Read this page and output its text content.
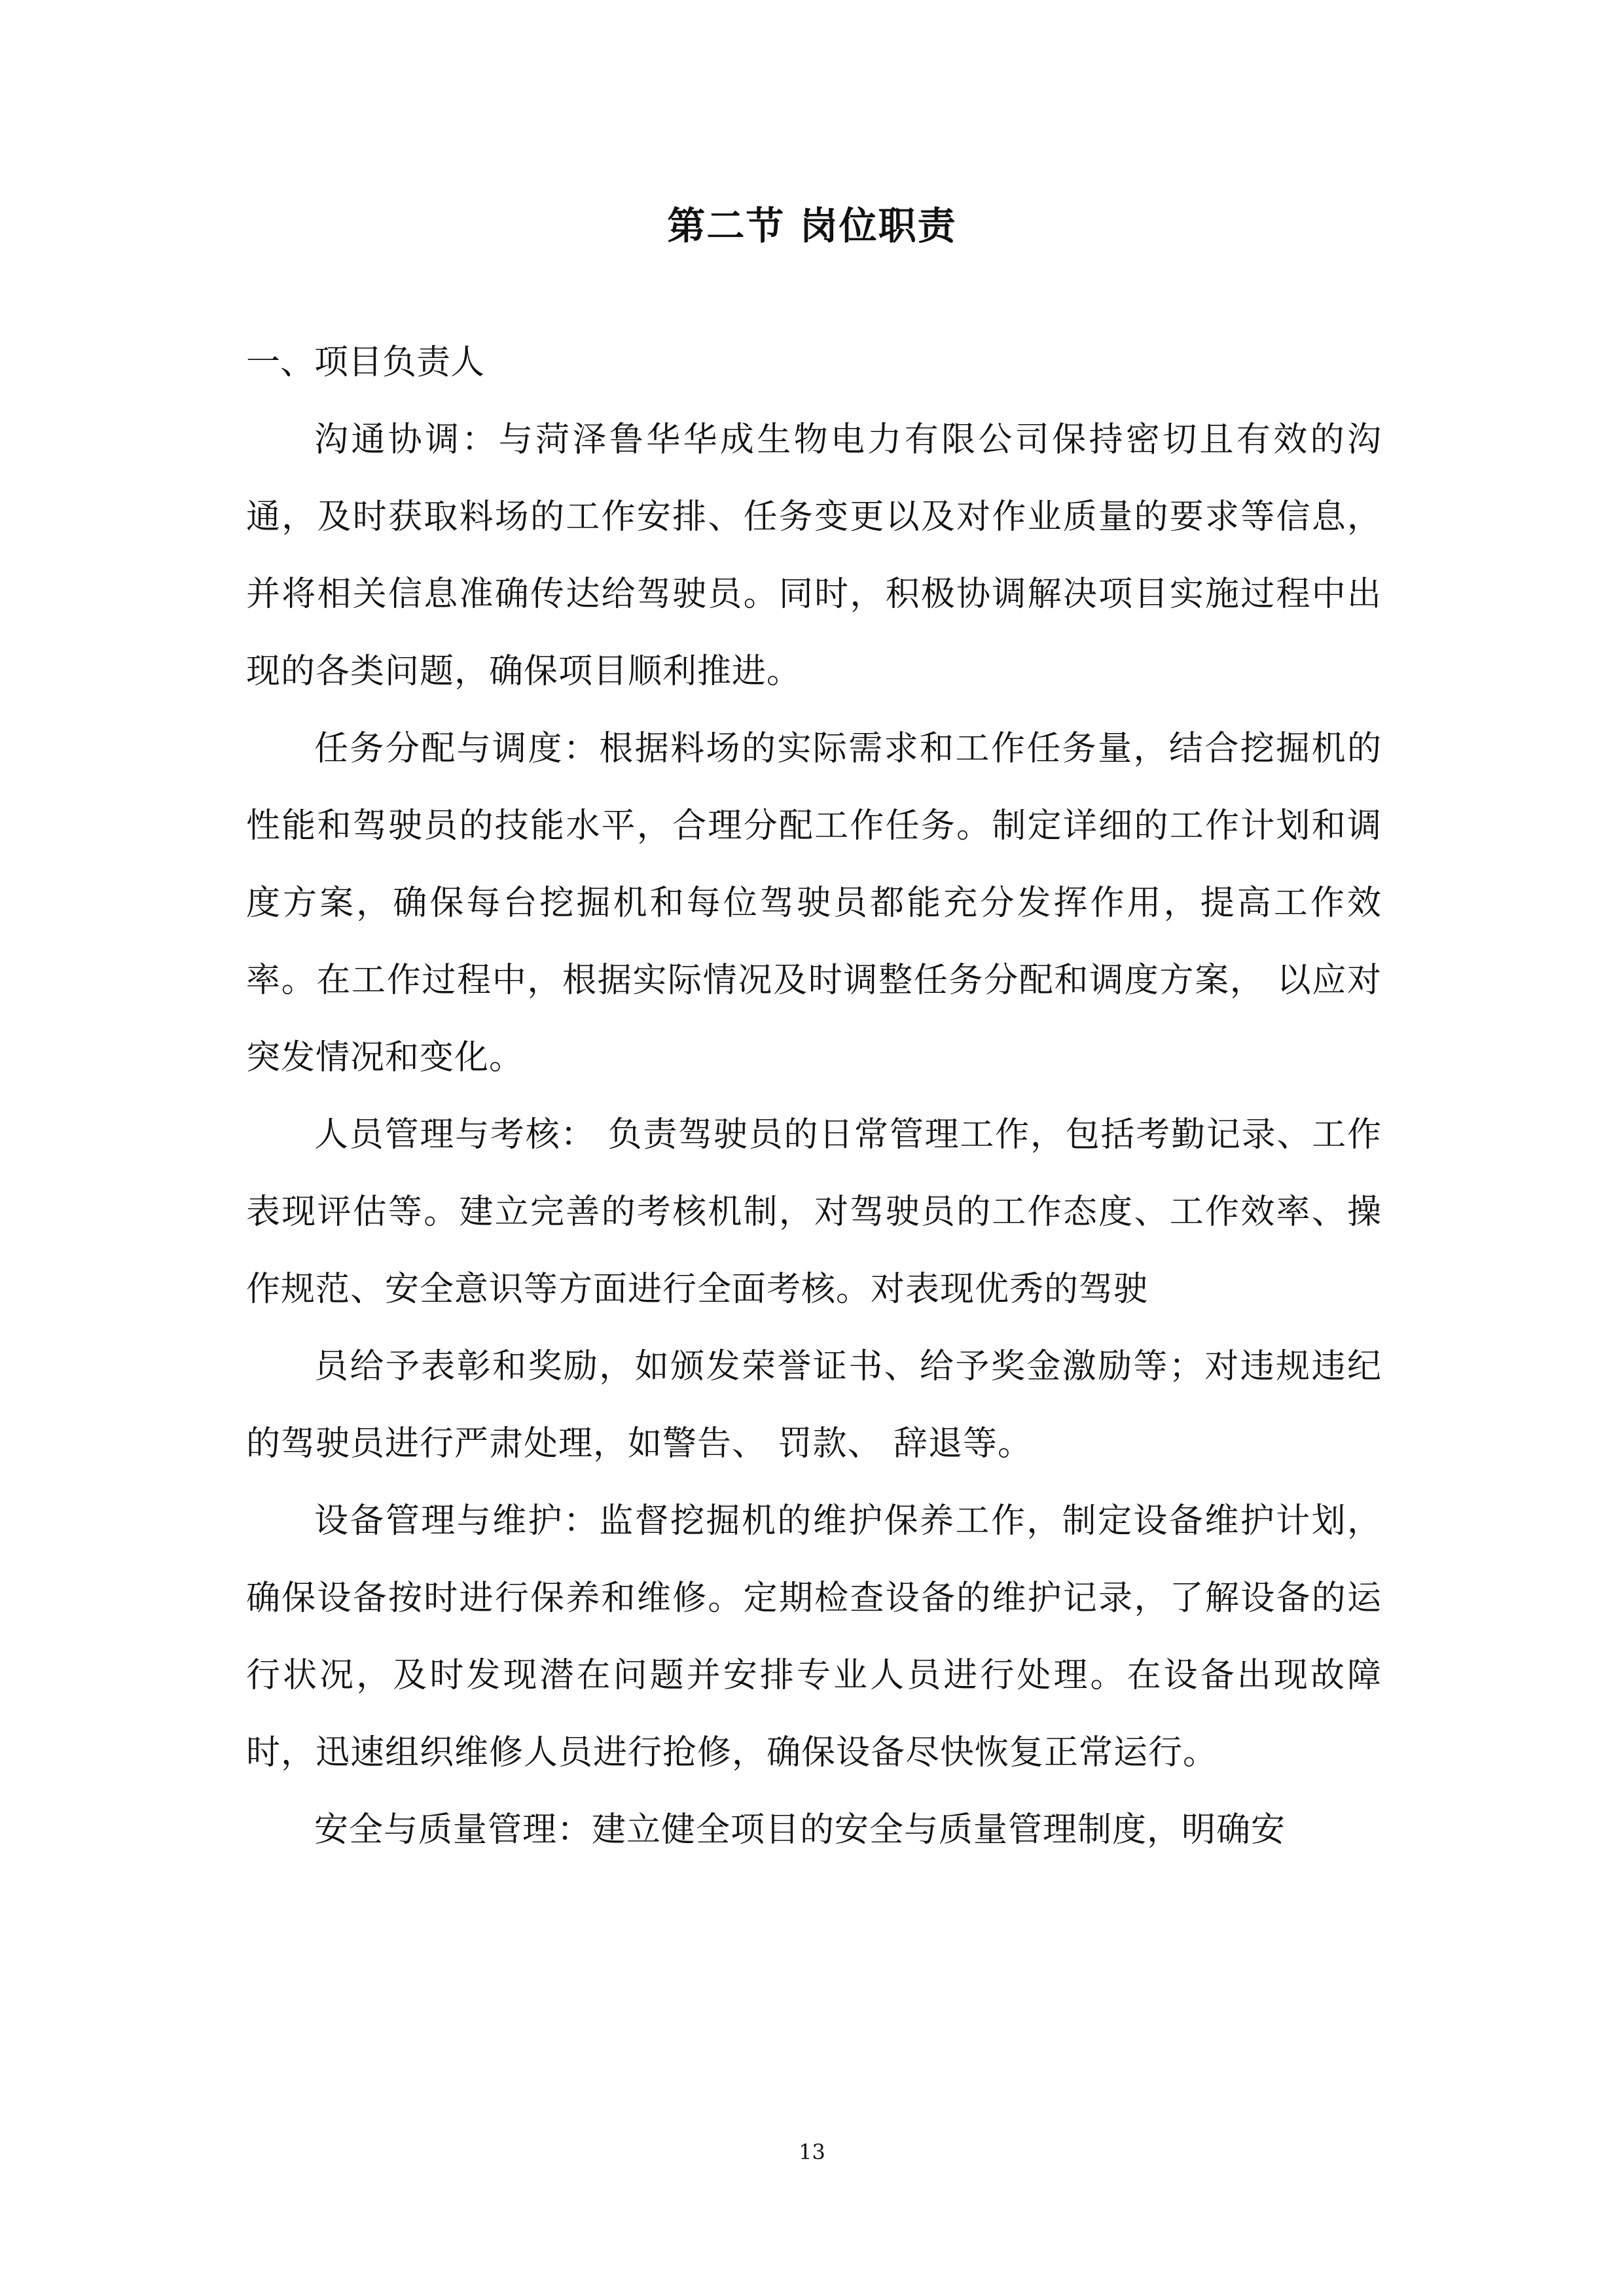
第二节 岗位职责

一、项目负责人

沟通协调：与菏泽鲁华华成生物电力有限公司保持密切且有效的沟通，及时获取料场的工作安排、任务变更以及对作业质量的要求等信息，并将相关信息准确传达给驾驶员。同时，积极协调解决项目实施过程中出现的各类问题，确保项目顺利推进。

任务分配与调度：根据料场的实际需求和工作任务量，结合挖掘机的性能和驾驶员的技能水平，合理分配工作任务。制定详细的工作计划和调度方案，确保每台挖掘机和每位驾驶员都能充分发挥作用，提高工作效率。在工作过程中，根据实际情况及时调整任务分配和调度方案， 以应对突发情况和变化。

人员管理与考核： 负责驾驶员的日常管理工作，包括考勤记录、工作表现评估等。建立完善的考核机制，对驾驶员的工作态度、工作效率、操作规范、安全意识等方面进行全面考核。对表现优秀的驾驶

员给予表彰和奖励，如颁发荣誉证书、给予奖金激励等；对违规违纪 的驾驶员进行严肃处理，如警告、 罚款、 辞退等。

设备管理与维护：监督挖掘机的维护保养工作，制定设备维护计划，确保设备按时进行保养和维修。定期检查设备的维护记录，了解设备的运行状况，及时发现潜在问题并安排专业人员进行处理。在设备出现故障时，迅速组织维修人员进行抢修，确保设备尽快恢复正常运行。

安全与质量管理：建立健全项目的安全与质量管理制度，明确安

13
